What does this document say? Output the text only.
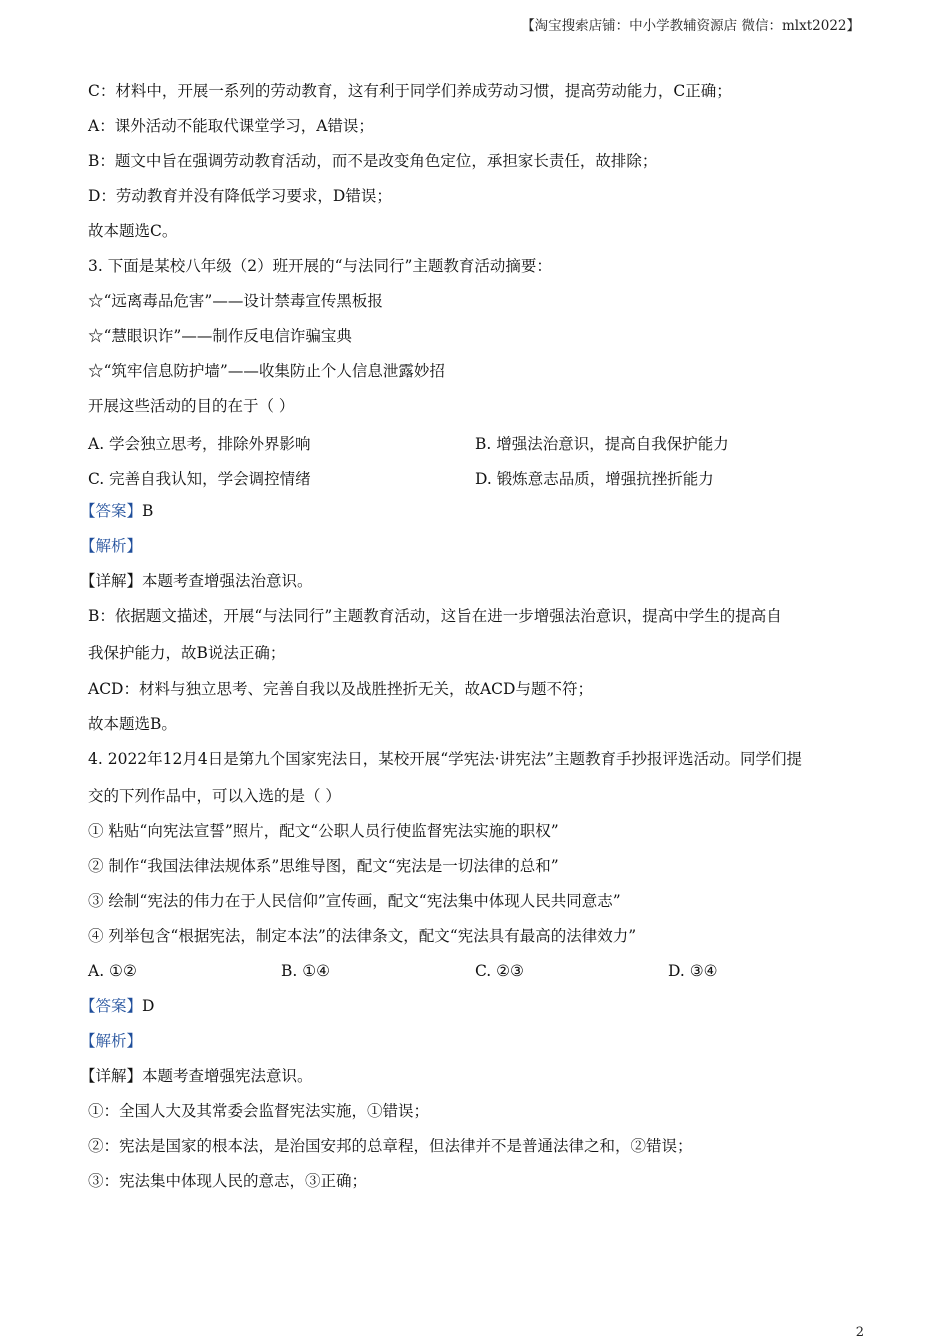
【淘宝搜索店铺：中小学教辅资源店 微信：mlxt2022】
C：材料中，开展一系列的劳动教育，这有利于同学们养成劳动习惯，提高劳动能力，C正确；
A：课外活动不能取代课堂学习，A错误；
B：题文中旨在强调劳动教育活动，而不是改变角色定位，承担家长责任，故排除；
D：劳动教育并没有降低学习要求，D错误；
故本题选C。
3. 下面是某校八年级（2）班开展的“与法同行”主题教育活动摘要：
☆“远离毒品危害”——设计禁毒宣传黑板报
☆“慧眼识诈”——制作反电信诈骗宝典
☆“筑牢信息防护墙”——收集防止个人信息泄露妙招
开展这些活动的目的在于（ ）
A. 学会独立思考，排除外界影响	B. 增强法治意识，提高自我保护能力
C. 完善自我认知，学会调控情绪	D. 锻炼意志品质，增强抗挫折能力
【答案】B
【解析】
【详解】本题考查增强法治意识。
B：依据题文描述，开展“与法同行”主题教育活动，这旨在进一步增强法治意识，提高中学生的提高自
我保护能力，故B说法正确；
ACD：材料与独立思考、完善自我以及战胜挫折无关，故ACD与题不符；
故本题选B。
4. 2022年12月4日是第九个国家宪法日，某校开展“学宪法·讲宪法”主题教育手抄报评选活动。同学们提
交的下列作品中，可以入选的是（ ）
① 粘贴“向宪法宣誓”照片，配文“公职人员行使监督宪法实施的职权”
② 制作“我国法律法规体系”思维导图，配文“宪法是一切法律的总和”
③ 绘制“宪法的伟力在于人民信仰”宣传画，配文“宪法集中体现人民共同意志”
④ 列举包含“根据宪法，制定本法”的法律条文，配文“宪法具有最高的法律效力”
A. ①②	B. ①④	C. ②③	D. ③④
【答案】D
【解析】
【详解】本题考查增强宪法意识。
①：全国人大及其常委会监督宪法实施，①错误；
②：宪法是国家的根本法，是治国安邦的总章程，但法律并不是普通法律之和，②错误；
③：宪法集中体现人民的意志，③正确；
2
